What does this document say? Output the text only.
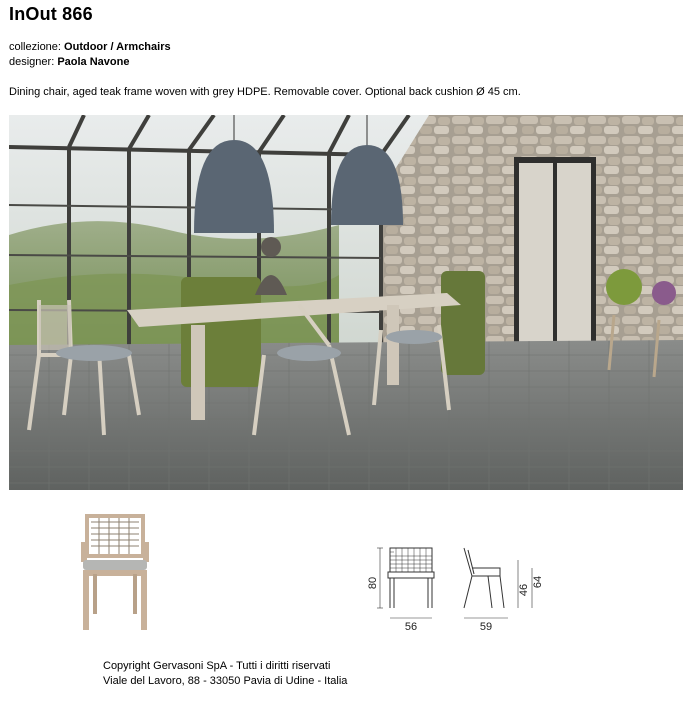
InOut 866
collezione: Outdoor / Armchairs
designer: Paola Navone
Dining chair, aged teak frame woven with grey HDPE. Removable cover. Optional back cushion Ø 45 cm.
80
56	59
46
64
Copyright Gervasoni SpA - Tutti i diritti riservati
Viale del Lavoro, 88 - 33050 Pavia di Udine - Italia
